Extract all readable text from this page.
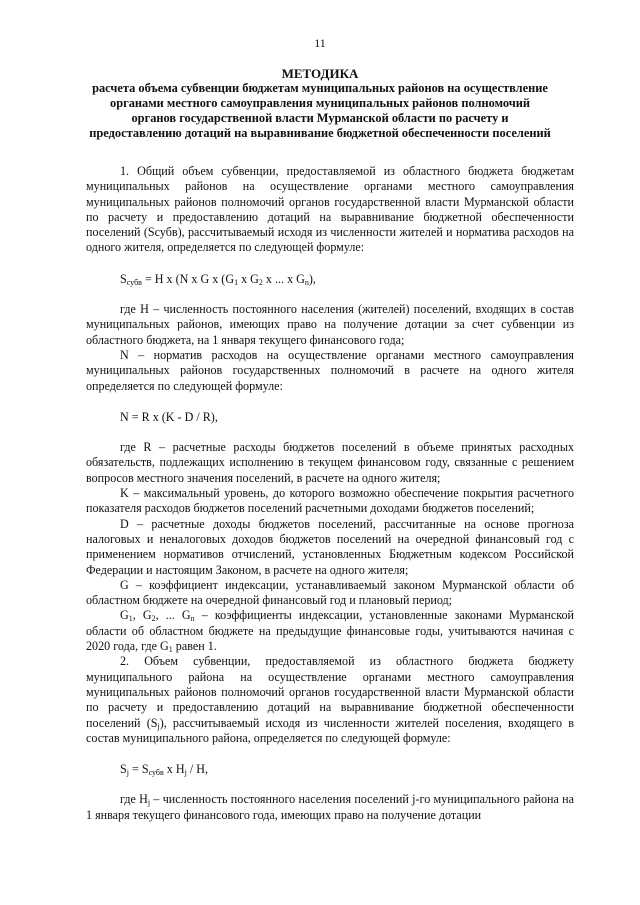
11
МЕТОДИКА
расчета объема субвенции бюджетам муниципальных районов на осуществление
органами местного самоуправления муниципальных районов полномочий
органов государственной власти Мурманской области по расчету и
предоставлению дотаций на выравнивание бюджетной обеспеченности поселений

1. Общий объем субвенции, предоставляемой из областного бюджета бюджетам муниципальных районов на осуществление органами местного самоуправления муниципальных районов полномочий органов государственной власти Мурманской области по расчету и предоставлению дотаций на выравнивание бюджетной обеспеченности поселений (Sсубв), рассчитываемый исходя из численности жителей и норматива расходов на одного жителя, определяется по следующей формуле:

$S_{субв} = H$ x (N x G x ($G_1$ x $G_2$ x ... x $G_n$),

где H – численность постоянного населения (жителей) поселений, входящих в состав муниципальных районов, имеющих право на получение дотации за счет субвенции из областного бюджета, на 1 января текущего финансового года;

N – норматив расходов на осуществление органами местного самоуправления муниципальных районов государственных полномочий в расчете на одного жителя определяется по следующей формуле:

N = R x (K - D / R),

где R – расчетные расходы бюджетов поселений в объеме принятых расходных обязательств, подлежащих исполнению в текущем финансовом году, связанные с решением вопросов местного значения поселений, в расчете на одного жителя;

K – максимальный уровень, до которого возможно обеспечение покрытия расчетного показателя расходов бюджетов поселений расчетными доходами бюджетов поселений;

D – расчетные доходы бюджетов поселений, рассчитанные на основе прогноза налоговых и неналоговых доходов бюджетов поселений на очередной финансовый год с применением нормативов отчислений, установленных Бюджетным кодексом Российской Федерации и настоящим Законом, в расчете на одного жителя;

G – коэффициент индексации, устанавливаемый законом Мурманской области об областном бюджете на очередной финансовый год и плановый период;

$G_1$, $G_2$, ... $G_n$ – коэффициенты индексации, установленные законами Мурманской области об областном бюджете на предыдущие финансовые годы, учитываются начиная с 2020 года, где $G_1$ равен 1.

2. Объем субвенции, предоставляемой из областного бюджета бюджету муниципального района на осуществление органами местного самоуправления муниципальных районов полномочий органов государственной власти Мурманской области по расчету и предоставлению дотаций на выравнивание бюджетной обеспеченности поселений $(S_j)$, рассчитываемый исходя из численности жителей поселения, входящего в состав муниципального района, определяется по следующей формуле:

$S_j = S_{субв}$ x $H_j$ / H,

где $H_j$ – численность постоянного населения поселений j-го муниципального района на 1 января текущего финансового года, имеющих право на получение дотации
